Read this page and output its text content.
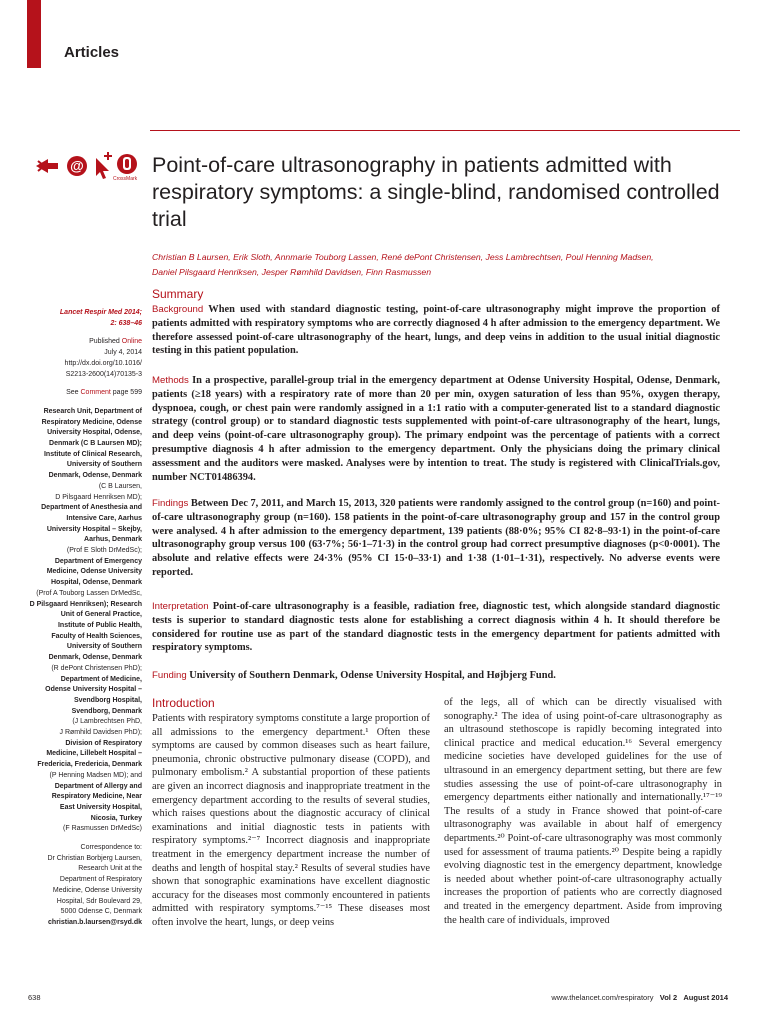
Articles
@
CrossMark
Point-of-care ultrasonography in patients admitted with respiratory symptoms: a single-blind, randomised controlled trial
Christian B Laursen, Erik Sloth, Annmarie Touborg Lassen, René dePont Christensen, Jess Lambrechtsen, Poul Henning Madsen,
Daniel Pilsgaard Henriksen, Jesper Rømhild Davidsen, Finn Rasmussen

Lancet Respir Med 2014;

2: 638–46

Published Online

July 4, 2014

http://dx.doi.org/10.1016/

S2213-2600(14)70135-3

See Comment page 599

Research Unit, Department of

Respiratory Medicine, Odense

University Hospital, Odense,

Denmark (C B Laursen MD);

Institute of Clinical Research,

University of Southern

Denmark, Odense, Denmark

(C B Laursen,

D Pilsgaard Henriksen MD);

Department of Anesthesia and

Intensive Care, Aarhus

University Hospital – Skejby,

Aarhus, Denmark

(Prof E Sloth DrMedSc);

Department of Emergency

Medicine, Odense University

Hospital, Odense, Denmark

(Prof A Touborg Lassen DrMedSc,

D Pilsgaard Henriksen); Research

Unit of General Practice,

Institute of Public Health,

Faculty of Health Sciences,

University of Southern

Denmark, Odense, Denmark

(R dePont Christensen PhD);

Department of Medicine,

Odense University Hospital –

Svendborg Hospital,

Svendborg, Denmark

(J Lambrechtsen PhD,

J Rømhild Davidsen PhD);

Division of Respiratory

Medicine, Lillebelt Hospital –

Fredericia, Fredericia, Denmark

(P Henning Madsen MD); and

Department of Allergy and

Respiratory Medicine, Near

East University Hospital,

Nicosia, Turkey

(F Rasmussen DrMedSc)

Correspondence to:

Dr Christian Borbjerg Laursen,

Research Unit at the

Department of Respiratory

Medicine, Odense University

Hospital, Sdr Boulevard 29,

5000 Odense C, Denmark

christian.b.laursen@rsyd.dk

Summary
Background When used with standard diagnostic testing, point-of-care ultrasonography might improve the proportion of patients admitted with respiratory symptoms who are correctly diagnosed 4 h after admission to the emergency department. We therefore assessed point-of-care ultrasonography of the heart, lungs, and deep veins in addition to the usual initial diagnostic testing in this patient population.
Methods In a prospective, parallel-group trial in the emergency department at Odense University Hospital, Odense, Denmark, patients (≥18 years) with a respiratory rate of more than 20 per min, oxygen saturation of less than 95%, oxygen therapy, dyspnoea, cough, or chest pain were randomly assigned in a 1:1 ratio with a computer-generated list to a standard diagnostic strategy (control group) or to standard diagnostic tests supplemented with point-of-care ultrasonography of the heart, lungs, and deep veins (point-of-care ultrasonography group). The primary endpoint was the percentage of patients with a correct presumptive diagnosis 4 h after admission to the emergency department. Only the physicians doing the primary clinical assessment and the auditors were masked. Analyses were by intention to treat. The study is registered with ClinicalTrials.gov, number NCT01486394.
Findings Between Dec 7, 2011, and March 15, 2013, 320 patients were randomly assigned to the control group (n=160) and point-of-care ultrasonography group (n=160). 158 patients in the point-of-care ultrasonography group and 157 in the control group were analysed. 4 h after admission to the emergency department, 139 patients (88·0%; 95% CI 82·8–93·1) in the point-of-care ultrasonography group versus 100 (63·7%; 56·1–71·3) in the control group had correct presumptive diagnoses (p<0·0001). The absolute and relative effects were 24·3% (95% CI 15·0–33·1) and 1·38 (1·01–1·31), respectively. No adverse events were reported.
Interpretation Point-of-care ultrasonography is a feasible, radiation free, diagnostic test, which alongside standard diagnostic tests is superior to standard diagnostic tests alone for establishing a correct diagnosis within 4 h. It should therefore be considered for routine use as part of the standard diagnostic tests in the emergency department for patients admitted with respiratory symptoms.
Funding University of Southern Denmark, Odense University Hospital, and Højbjerg Fund.
Introduction
Patients with respiratory symptoms constitute a large proportion of all admissions to the emergency department.¹ Often these symptoms are caused by common diseases such as heart failure, pneumonia, chronic obstructive pulmonary disease (COPD), and pulmonary embolism.² A substantial proportion of these patients are given an incorrect diagnosis and inappropriate treatment in the emergency department according to the results of several studies, which raises questions about the diagnostic accuracy of clinical examinations and initial diagnostic tests in patients with respiratory symptoms.²⁻⁷ Incorrect diagnosis and inappropriate treatment in the emergency department increase the number of deaths and length of hospital stay.² Results of several studies have shown that sonographic examinations have excellent diagnostic accuracy for the diseases most commonly encountered in patients admitted with respiratory symptoms.⁷⁻¹⁵ These diseases most often involve the heart, lungs, or deep veins
of the legs, all of which can be directly visualised with sonography.² The idea of using point-of-care ultrasonography as an ultrasound stethoscope is rapidly becoming integrated into clinical practice and medical education.¹⁶ Several emergency medicine societies have developed guidelines for the use of ultrasound in an emergency department setting, but there are few studies assessing the use of point-of-care ultrasonography in emergency departments either nationally and internationally.¹⁷⁻¹⁹ The results of a study in France showed that point-of-care ultrasonography was available in about half of emergency departments.²⁰ Point-of-care ultrasonography was most commonly used for assessment of trauma patients.²⁰ Despite being a rapidly evolving diagnostic test in the emergency department, knowledge is needed about whether point-of-care ultrasonography actually increases the proportion of patients who are correctly diagnosed and treated in the emergency department. Aside from improving the health care of individuals, improved
638	www.thelancet.com/respiratory Vol 2 August 2014
